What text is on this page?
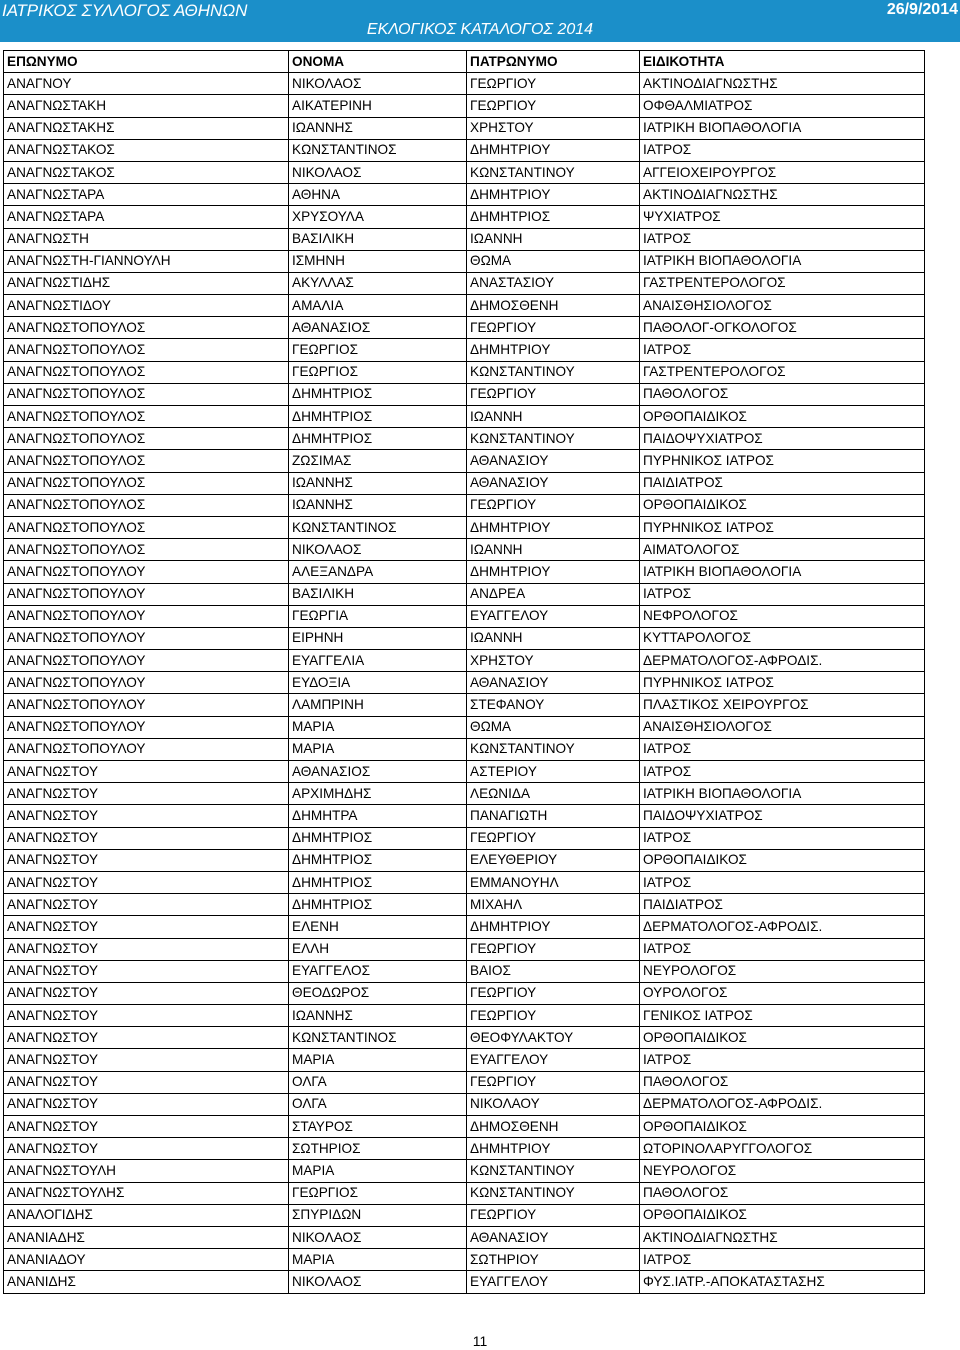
ΙΑΤΡΙΚΟΣ ΣΥΛΛΟΓΟΣ ΑΘΗΝΩΝ
ΕΚΛΟΓΙΚΟΣ ΚΑΤΑΛΟΓΟΣ 2014
26/9/2014
ΕΠΩΝΥΜΟ	ΟΝΟΜΑ	ΠΑΤΡΩΝΥΜΟ	ΕΙΔΙΚΟΤΗΤΑ
ΑΝΑΓΝΟΥ	ΝΙΚΟΛΑΟΣ	ΓΕΩΡΓΙΟΥ	ΑΚΤΙΝΟΔΙΑΓΝΩΣΤΗΣ
ΑΝΑΓΝΩΣΤΑΚΗ	ΑΙΚΑΤΕΡΙΝΗ	ΓΕΩΡΓΙΟΥ	ΟΦΘΑΛΜΙΑΤΡΟΣ
ΑΝΑΓΝΩΣΤΑΚΗΣ	ΙΩΑΝΝΗΣ	ΧΡΗΣΤΟΥ	ΙΑΤΡΙΚΗ ΒΙΟΠΑΘΟΛΟΓΙΑ
ΑΝΑΓΝΩΣΤΑΚΟΣ	ΚΩΝΣΤΑΝΤΙΝΟΣ	ΔΗΜΗΤΡΙΟΥ	ΙΑΤΡΟΣ
ΑΝΑΓΝΩΣΤΑΚΟΣ	ΝΙΚΟΛΑΟΣ	ΚΩΝΣΤΑΝΤΙΝΟΥ	ΑΓΓΕΙΟΧΕΙΡΟΥΡΓΟΣ
ΑΝΑΓΝΩΣΤΑΡΑ	ΑΘΗΝΑ	ΔΗΜΗΤΡΙΟΥ	ΑΚΤΙΝΟΔΙΑΓΝΩΣΤΗΣ
ΑΝΑΓΝΩΣΤΑΡΑ	ΧΡΥΣΟΥΛΑ	ΔΗΜΗΤΡΙΟΣ	ΨΥΧΙΑΤΡΟΣ
ΑΝΑΓΝΩΣΤΗ	ΒΑΣΙΛΙΚΗ	ΙΩΑΝΝΗ	ΙΑΤΡΟΣ
ΑΝΑΓΝΩΣΤΗ-ΓΙΑΝΝΟΥΛΗ	ΙΣΜΗΝΗ	ΘΩΜΑ	ΙΑΤΡΙΚΗ ΒΙΟΠΑΘΟΛΟΓΙΑ
ΑΝΑΓΝΩΣΤΙΔΗΣ	ΑΚΥΛΛΑΣ	ΑΝΑΣΤΑΣΙΟΥ	ΓΑΣΤΡΕΝΤΕΡΟΛΟΓΟΣ
ΑΝΑΓΝΩΣΤΙΔΟΥ	ΑΜΑΛΙΑ	ΔΗΜΟΣΘΕΝΗ	ΑΝΑΙΣΘΗΣΙΟΛΟΓΟΣ
ΑΝΑΓΝΩΣΤΟΠΟΥΛΟΣ	ΑΘΑΝΑΣΙΟΣ	ΓΕΩΡΓΙΟΥ	ΠΑΘΟΛΟΓ-ΟΓΚΟΛΟΓΟΣ
ΑΝΑΓΝΩΣΤΟΠΟΥΛΟΣ	ΓΕΩΡΓΙΟΣ	ΔΗΜΗΤΡΙΟΥ	ΙΑΤΡΟΣ
ΑΝΑΓΝΩΣΤΟΠΟΥΛΟΣ	ΓΕΩΡΓΙΟΣ	ΚΩΝΣΤΑΝΤΙΝΟΥ	ΓΑΣΤΡΕΝΤΕΡΟΛΟΓΟΣ
ΑΝΑΓΝΩΣΤΟΠΟΥΛΟΣ	ΔΗΜΗΤΡΙΟΣ	ΓΕΩΡΓΙΟΥ	ΠΑΘΟΛΟΓΟΣ
ΑΝΑΓΝΩΣΤΟΠΟΥΛΟΣ	ΔΗΜΗΤΡΙΟΣ	ΙΩΑΝΝΗ	ΟΡΘΟΠΑΙΔΙΚΟΣ
ΑΝΑΓΝΩΣΤΟΠΟΥΛΟΣ	ΔΗΜΗΤΡΙΟΣ	ΚΩΝΣΤΑΝΤΙΝΟΥ	ΠΑΙΔΟΨΥΧΙΑΤΡΟΣ
ΑΝΑΓΝΩΣΤΟΠΟΥΛΟΣ	ΖΩΣΙΜΑΣ	ΑΘΑΝΑΣΙΟΥ	ΠΥΡΗΝΙΚΟΣ ΙΑΤΡΟΣ
ΑΝΑΓΝΩΣΤΟΠΟΥΛΟΣ	ΙΩΑΝΝΗΣ	ΑΘΑΝΑΣΙΟΥ	ΠΑΙΔΙΑΤΡΟΣ
ΑΝΑΓΝΩΣΤΟΠΟΥΛΟΣ	ΙΩΑΝΝΗΣ	ΓΕΩΡΓΙΟΥ	ΟΡΘΟΠΑΙΔΙΚΟΣ
ΑΝΑΓΝΩΣΤΟΠΟΥΛΟΣ	ΚΩΝΣΤΑΝΤΙΝΟΣ	ΔΗΜΗΤΡΙΟΥ	ΠΥΡΗΝΙΚΟΣ ΙΑΤΡΟΣ
ΑΝΑΓΝΩΣΤΟΠΟΥΛΟΣ	ΝΙΚΟΛΑΟΣ	ΙΩΑΝΝΗ	ΑΙΜΑΤΟΛΟΓΟΣ
ΑΝΑΓΝΩΣΤΟΠΟΥΛΟΥ	ΑΛΕΞΑΝΔΡΑ	ΔΗΜΗΤΡΙΟΥ	ΙΑΤΡΙΚΗ ΒΙΟΠΑΘΟΛΟΓΙΑ
ΑΝΑΓΝΩΣΤΟΠΟΥΛΟΥ	ΒΑΣΙΛΙΚΗ	ΑΝΔΡΕΑ	ΙΑΤΡΟΣ
ΑΝΑΓΝΩΣΤΟΠΟΥΛΟΥ	ΓΕΩΡΓΙΑ	ΕΥΑΓΓΕΛΟΥ	ΝΕΦΡΟΛΟΓΟΣ
ΑΝΑΓΝΩΣΤΟΠΟΥΛΟΥ	ΕΙΡΗΝΗ	ΙΩΑΝΝΗ	ΚΥΤΤΑΡΟΛΟΓΟΣ
ΑΝΑΓΝΩΣΤΟΠΟΥΛΟΥ	ΕΥΑΓΓΕΛΙΑ	ΧΡΗΣΤΟΥ	ΔΕΡΜΑΤΟΛΟΓΟΣ-ΑΦΡΟΔΙΣ.
ΑΝΑΓΝΩΣΤΟΠΟΥΛΟΥ	ΕΥΔΟΞΙΑ	ΑΘΑΝΑΣΙΟΥ	ΠΥΡΗΝΙΚΟΣ ΙΑΤΡΟΣ
ΑΝΑΓΝΩΣΤΟΠΟΥΛΟΥ	ΛΑΜΠΡΙΝΗ	ΣΤΕΦΑΝΟΥ	ΠΛΑΣΤΙΚΟΣ ΧΕΙΡΟΥΡΓΟΣ
ΑΝΑΓΝΩΣΤΟΠΟΥΛΟΥ	ΜΑΡΙΑ	ΘΩΜΑ	ΑΝΑΙΣΘΗΣΙΟΛΟΓΟΣ
ΑΝΑΓΝΩΣΤΟΠΟΥΛΟΥ	ΜΑΡΙΑ	ΚΩΝΣΤΑΝΤΙΝΟΥ	ΙΑΤΡΟΣ
ΑΝΑΓΝΩΣΤΟΥ	ΑΘΑΝΑΣΙΟΣ	ΑΣΤΕΡΙΟΥ	ΙΑΤΡΟΣ
ΑΝΑΓΝΩΣΤΟΥ	ΑΡΧΙΜΗΔΗΣ	ΛΕΩΝΙΔΑ	ΙΑΤΡΙΚΗ ΒΙΟΠΑΘΟΛΟΓΙΑ
ΑΝΑΓΝΩΣΤΟΥ	ΔΗΜΗΤΡΑ	ΠΑΝΑΓΙΩΤΗ	ΠΑΙΔΟΨΥΧΙΑΤΡΟΣ
ΑΝΑΓΝΩΣΤΟΥ	ΔΗΜΗΤΡΙΟΣ	ΓΕΩΡΓΙΟΥ	ΙΑΤΡΟΣ
ΑΝΑΓΝΩΣΤΟΥ	ΔΗΜΗΤΡΙΟΣ	ΕΛΕΥΘΕΡΙΟΥ	ΟΡΘΟΠΑΙΔΙΚΟΣ
ΑΝΑΓΝΩΣΤΟΥ	ΔΗΜΗΤΡΙΟΣ	ΕΜΜΑΝΟΥΗΛ	ΙΑΤΡΟΣ
ΑΝΑΓΝΩΣΤΟΥ	ΔΗΜΗΤΡΙΟΣ	ΜΙΧΑΗΛ	ΠΑΙΔΙΑΤΡΟΣ
ΑΝΑΓΝΩΣΤΟΥ	ΕΛΕΝΗ	ΔΗΜΗΤΡΙΟΥ	ΔΕΡΜΑΤΟΛΟΓΟΣ-ΑΦΡΟΔΙΣ.
ΑΝΑΓΝΩΣΤΟΥ	ΕΛΛΗ	ΓΕΩΡΓΙΟΥ	ΙΑΤΡΟΣ
ΑΝΑΓΝΩΣΤΟΥ	ΕΥΑΓΓΕΛΟΣ	ΒΑΙΟΣ	ΝΕΥΡΟΛΟΓΟΣ
ΑΝΑΓΝΩΣΤΟΥ	ΘΕΟΔΩΡΟΣ	ΓΕΩΡΓΙΟΥ	ΟΥΡΟΛΟΓΟΣ
ΑΝΑΓΝΩΣΤΟΥ	ΙΩΑΝΝΗΣ	ΓΕΩΡΓΙΟΥ	ΓΕΝΙΚΟΣ ΙΑΤΡΟΣ
ΑΝΑΓΝΩΣΤΟΥ	ΚΩΝΣΤΑΝΤΙΝΟΣ	ΘΕΟΦΥΛΑΚΤΟΥ	ΟΡΘΟΠΑΙΔΙΚΟΣ
ΑΝΑΓΝΩΣΤΟΥ	ΜΑΡΙΑ	ΕΥΑΓΓΕΛΟΥ	ΙΑΤΡΟΣ
ΑΝΑΓΝΩΣΤΟΥ	ΟΛΓΑ	ΓΕΩΡΓΙΟΥ	ΠΑΘΟΛΟΓΟΣ
ΑΝΑΓΝΩΣΤΟΥ	ΟΛΓΑ	ΝΙΚΟΛΑΟΥ	ΔΕΡΜΑΤΟΛΟΓΟΣ-ΑΦΡΟΔΙΣ.
ΑΝΑΓΝΩΣΤΟΥ	ΣΤΑΥΡΟΣ	ΔΗΜΟΣΘΕΝΗ	ΟΡΘΟΠΑΙΔΙΚΟΣ
ΑΝΑΓΝΩΣΤΟΥ	ΣΩΤΗΡΙΟΣ	ΔΗΜΗΤΡΙΟΥ	ΩΤΟΡΙΝΟΛΑΡΥΓΓΟΛΟΓΟΣ
ΑΝΑΓΝΩΣΤΟΥΛΗ	ΜΑΡΙΑ	ΚΩΝΣΤΑΝΤΙΝΟΥ	ΝΕΥΡΟΛΟΓΟΣ
ΑΝΑΓΝΩΣΤΟΥΛΗΣ	ΓΕΩΡΓΙΟΣ	ΚΩΝΣΤΑΝΤΙΝΟΥ	ΠΑΘΟΛΟΓΟΣ
ΑΝΑΛΟΓΙΔΗΣ	ΣΠΥΡΙΔΩΝ	ΓΕΩΡΓΙΟΥ	ΟΡΘΟΠΑΙΔΙΚΟΣ
ΑΝΑΝΙΑΔΗΣ	ΝΙΚΟΛΑΟΣ	ΑΘΑΝΑΣΙΟΥ	ΑΚΤΙΝΟΔΙΑΓΝΩΣΤΗΣ
ΑΝΑΝΙΑΔΟΥ	ΜΑΡΙΑ	ΣΩΤΗΡΙΟΥ	ΙΑΤΡΟΣ
ΑΝΑΝΙΔΗΣ	ΝΙΚΟΛΑΟΣ	ΕΥΑΓΓΕΛΟΥ	ΦΥΣ.ΙΑΤΡ.-ΑΠΟΚΑΤΑΣΤΑΣΗΣ
11
